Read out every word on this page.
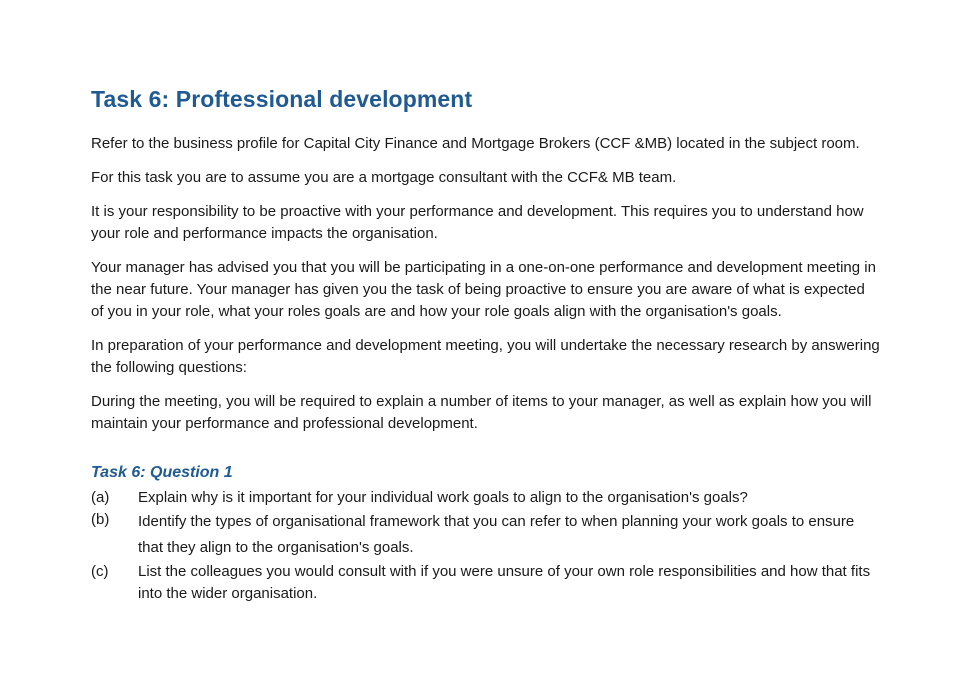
Task 6: Proftessional development

Refer to the business profile for Capital City Finance and Mortgage Brokers (CCF &MB) located in the subject room.

For this task you are to assume you are a mortgage consultant with the CCF& MB team.

It is your responsibility to be proactive with your performance and development. This requires you to understand how your role and performance impacts the organisation.

Your manager has advised you that you will be participating in a one-on-one performance and development meeting in the near future. Your manager has given you the task of being proactive to ensure you are aware of what is expected of you in your role, what your roles goals are and how your role goals align with the organisation's goals.

In preparation of your performance and development meeting, you will undertake the necessary research by answering the following questions:

During the meeting, you will be required to explain a number of items to your manager, as well as explain how you will maintain your performance and professional development.

Task 6: Question 1
(a)	Explain why is it important for your individual work goals to align to the organisation's goals?
(b)	Identify the types of organisational framework that you can refer to when planning your work goals to ensure that they align to the organisation's goals.
(c)	List the colleagues you would consult with if you were unsure of your own role responsibilities and how that fits into the wider organisation.
